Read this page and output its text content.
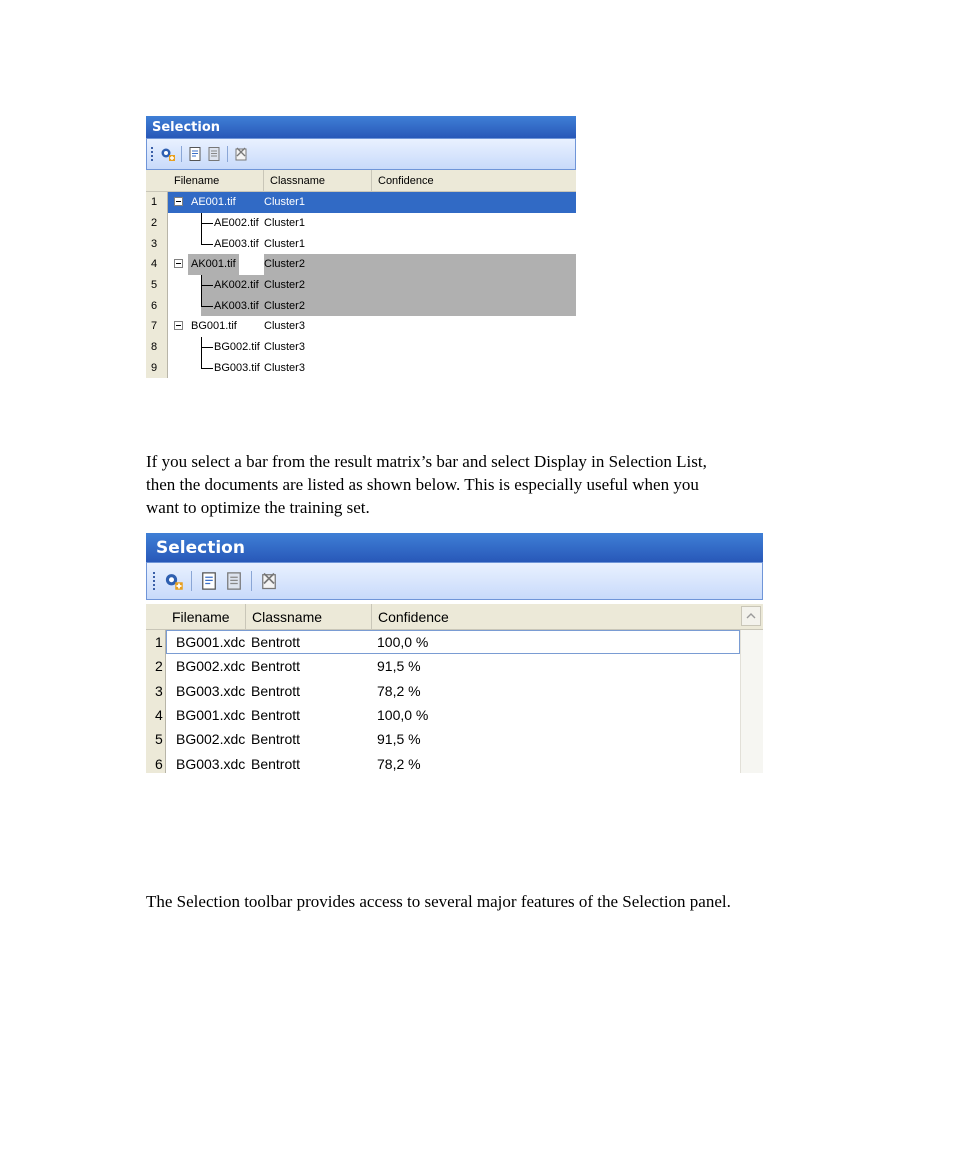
Selection
Filename	Classname	Confidence
1	AE001.tif	Cluster1
2	AE002.tif Cluster1
3	AE003.tif Cluster1
4	AK001.tif	Cluster2
5	AK002.tif Cluster2
6	AK003.tif Cluster2
7	BG001.tif Cluster3
8	BG002.tif Cluster3
9	BG003.tif Cluster3
If you select a bar from the result matrix’s bar and select Display in Selection List,
then the documents are listed as shown below. This is especially useful when you
want to optimize the training set.
Selection
Filename	Classname	Confidence
1 BG001.xdc Bentrott	100,0 %
2 BG002.xdc Bentrott	91,5 %
3 BG003.xdc Bentrott	78,2 %
4 BG001.xdc Bentrott	100,0 %
5 BG002.xdc Bentrott	91,5 %
6 BG003.xdc Bentrott	78,2 %
The Selection toolbar provides access to several major features of the Selection panel.
